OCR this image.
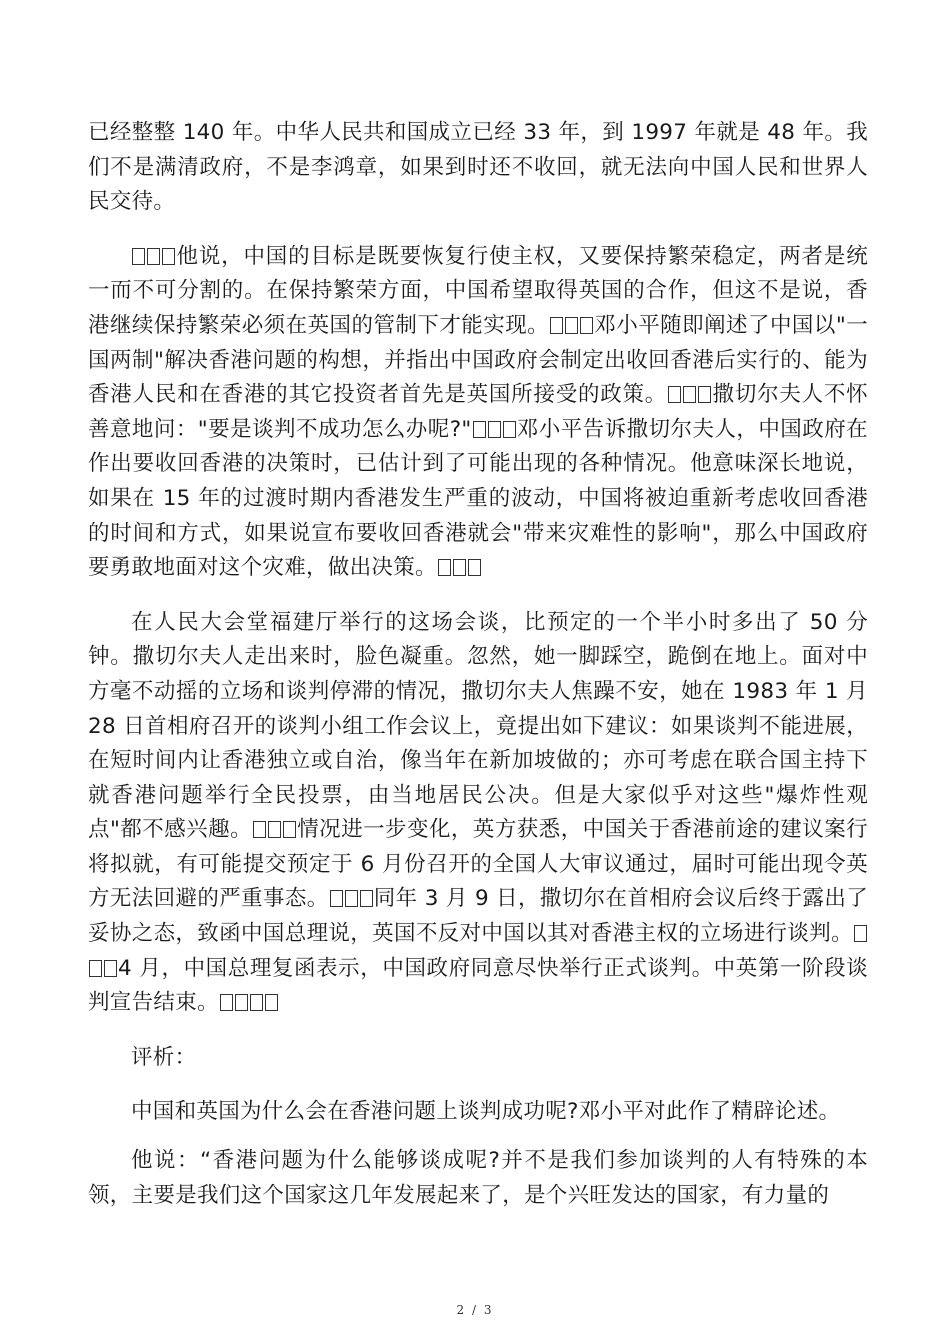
已经整整 140 年。中华人民共和国成立已经 33 年，到 1997 年就是 48 年。我们不是满清政府，不是李鸿章，如果到时还不收回，就无法向中国人民和世界人民交待。

他说，中国的目标是既要恢复行使主权，又要保持繁荣稳定，两者是统一而不可分割的。在保持繁荣方面，中国希望取得英国的合作，但这不是说，香港继续保持繁荣必须在英国的管制下才能实现。 邓小平随即阐述了中国以"一国两制"解决香港问题的构想，并指出中国政府会制定出收回香港后实行的、能为香港人民和在香港的其它投资者首先是英国所接受的政策。 撒切尔夫人不怀善意地问："要是谈判不成功怎么办呢?" 邓小平告诉撒切尔夫人，中国政府在作出要收回香港的决策时，已估计到了可能出现的各种情况。他意味深长地说，如果在 15 年的过渡时期内香港发生严重的波动，中国将被迫重新考虑收回香港的时间和方式，如果说宣布要收回香港就会"带来灾难性的影响"，那么中国政府要勇敢地面对这个灾难，做出决策。

在人民大会堂福建厅举行的这场会谈，比预定的一个半小时多出了 50 分钟。撒切尔夫人走出来时，脸色凝重。忽然，她一脚踩空，跪倒在地上。面对中方毫不动摇的立场和谈判停滞的情况，撒切尔夫人焦躁不安，她在 1983 年 1 月 28 日首相府召开的谈判小组工作会议上，竟提出如下建议：如果谈判不能进展，在短时间内让香港独立或自治，像当年在新加坡做的；亦可考虑在联合国主持下就香港问题举行全民投票，由当地居民公决。但是大家似乎对这些"爆炸性观点"都不感兴趣。 情况进一步变化，英方获悉，中国关于香港前途的建议案行将拟就，有可能提交预定于 6 月份召开的全国人大审议通过，届时可能出现令英方无法回避的严重事态。 同年 3 月 9 日，撒切尔在首相府会议后终于露出了妥协之态，致函中国总理说，英国不反对中国以其对香港主权的立场进行谈判。4 月，中国总理复函表示，中国政府同意尽快举行正式谈判。中英第一阶段谈判宣告结束。

评析：

中国和英国为什么会在香港问题上谈判成功呢?邓小平对此作了精辟论述。

他说：“香港问题为什么能够谈成呢?并不是我们参加谈判的人有特殊的本领，主要是我们这个国家这几年发展起来了，是个兴旺发达的国家，有力量的

2 / 3
